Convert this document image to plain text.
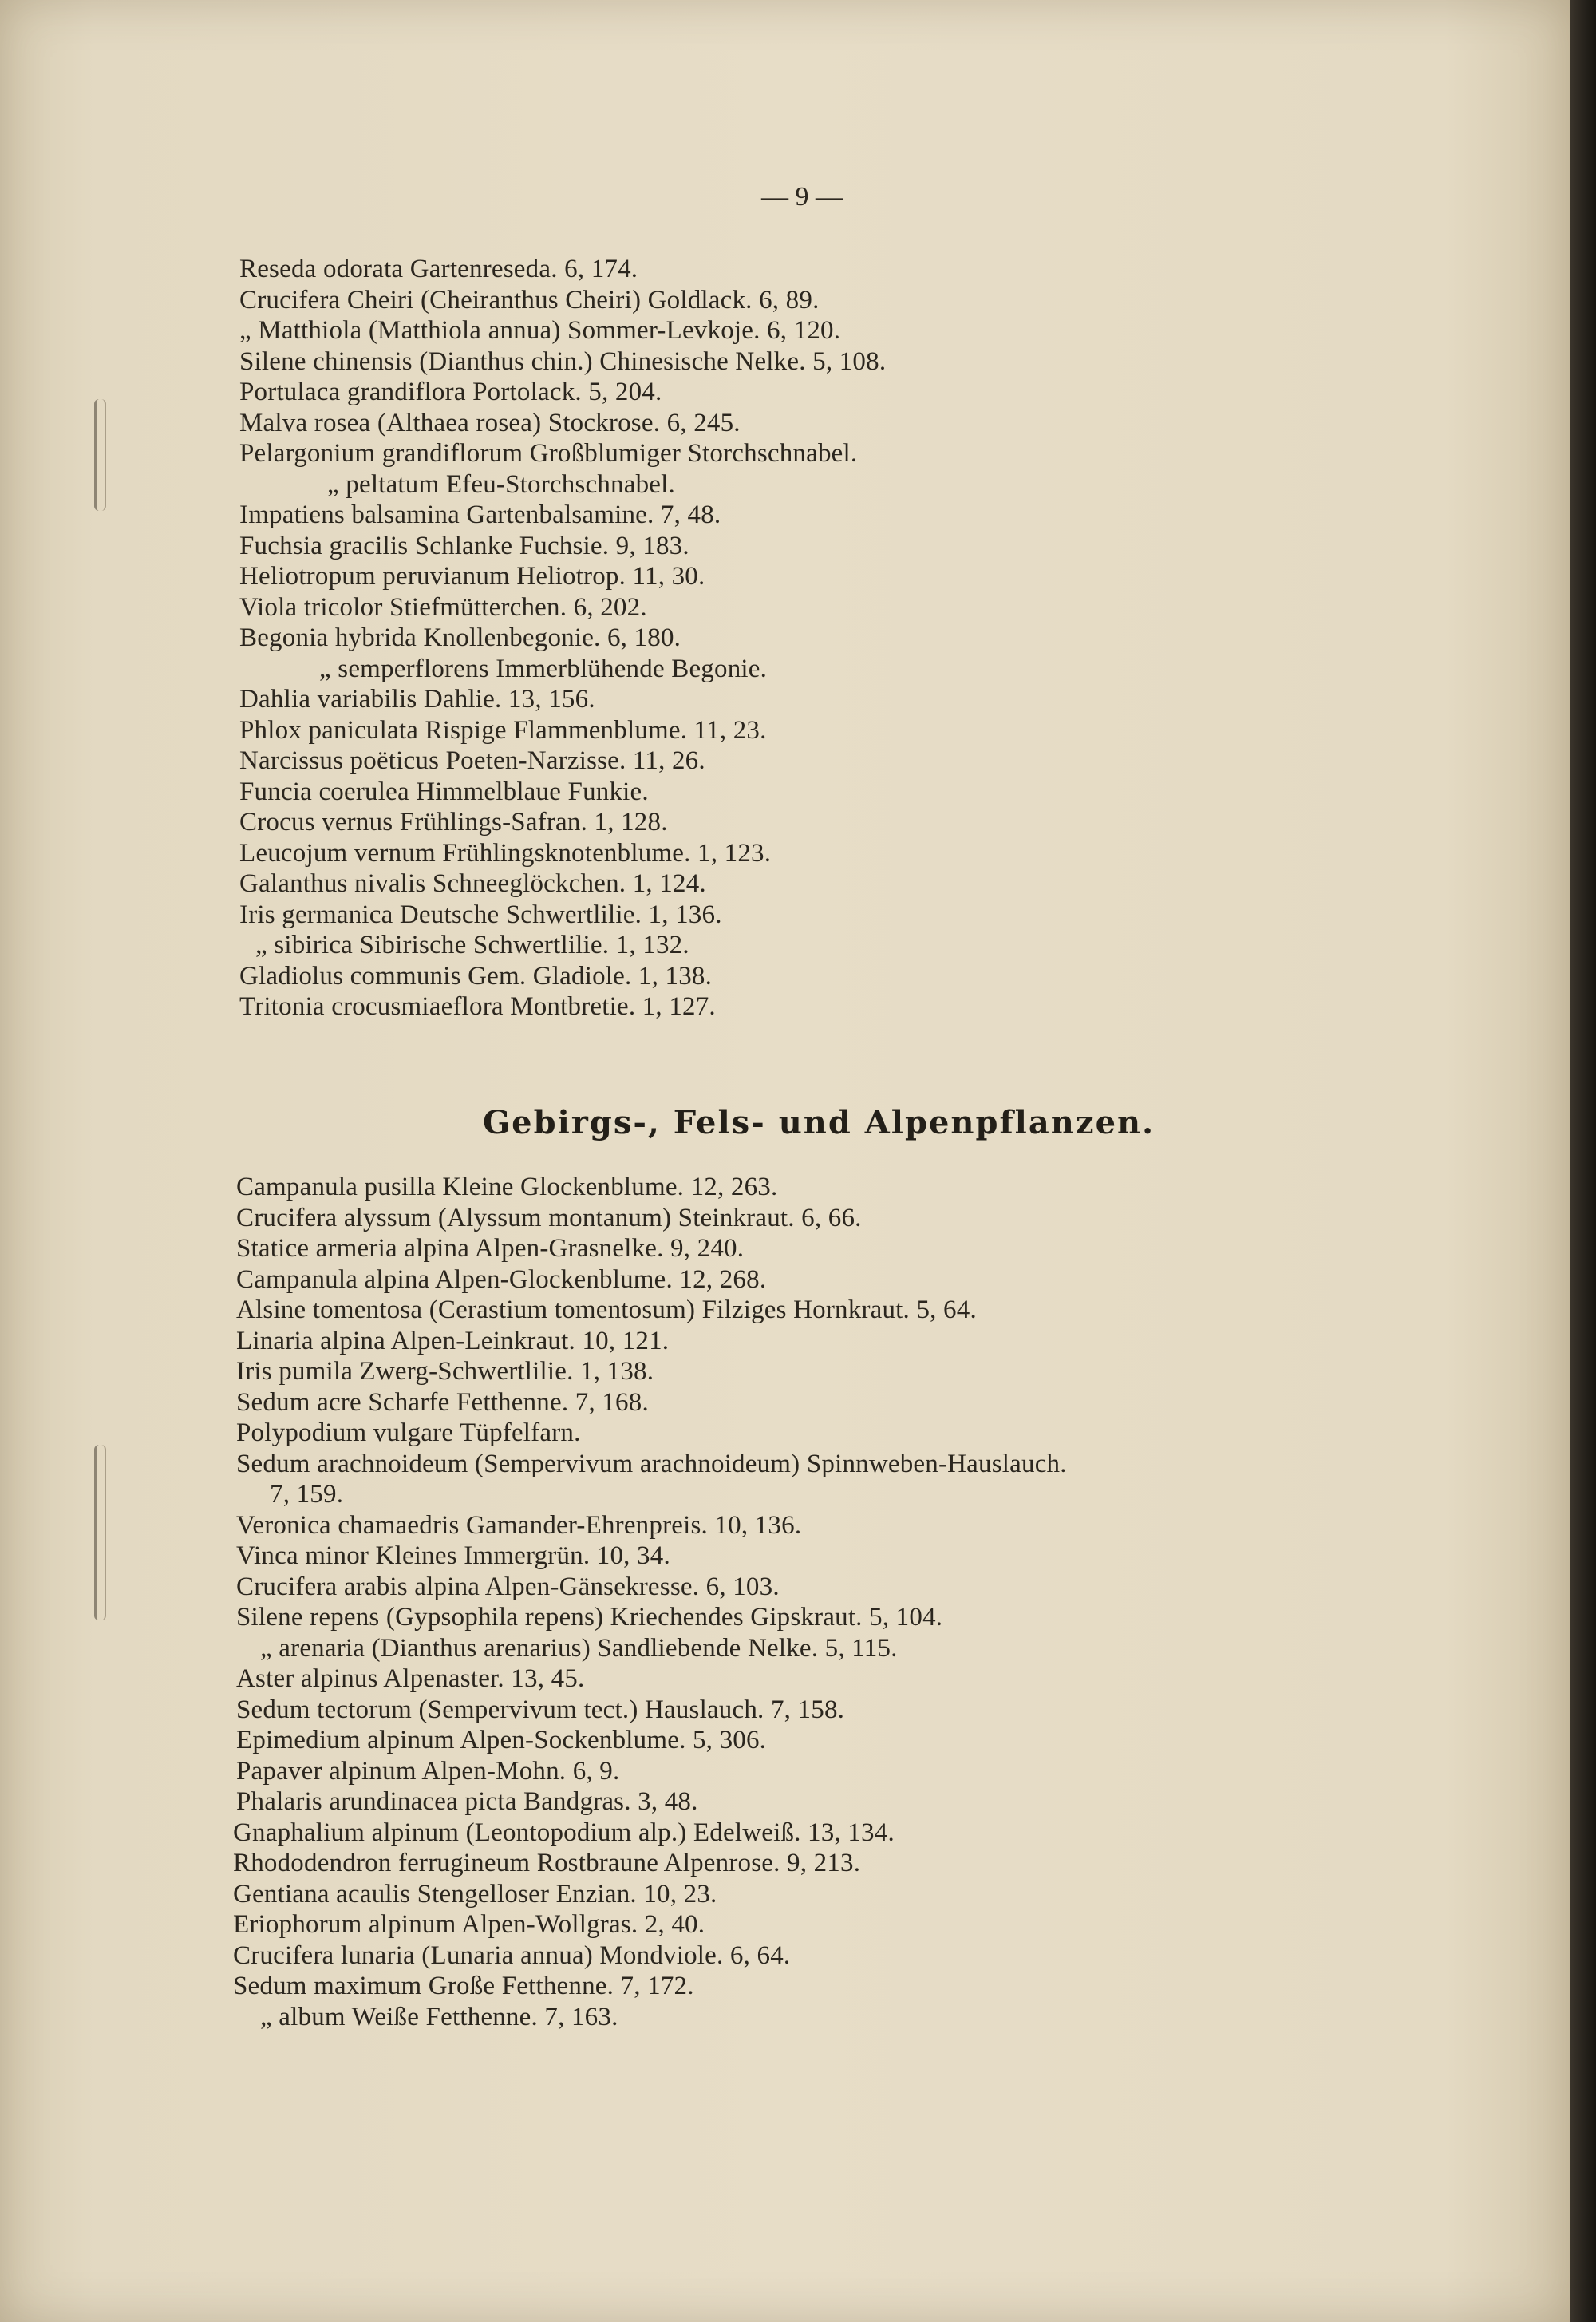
— 9 —
Reseda odorata Gartenreseda. 6, 174.
Crucifera Cheiri (Cheiranthus Cheiri) Goldlack. 6, 89.
„ Matthiola (Matthiola annua) Sommer-Levkoje. 6, 120.
Silene chinensis (Dianthus chin.) Chinesische Nelke. 5, 108.
Portulaca grandiflora Portolack. 5, 204.
Malva rosea (Althaea rosea) Stockrose. 6, 245.
Pelargonium grandiflorum Großblumiger Storchschnabel.
„ peltatum Efeu-Storchschnabel.
Impatiens balsamina Gartenbalsamine. 7, 48.
Fuchsia gracilis Schlanke Fuchsie. 9, 183.
Heliotropum peruvianum Heliotrop. 11, 30.
Viola tricolor Stiefmütterchen. 6, 202.
Begonia hybrida Knollenbegonie. 6, 180.
„ semperflorens Immerblühende Begonie.
Dahlia variabilis Dahlie. 13, 156.
Phlox paniculata Rispige Flammenblume. 11, 23.
Narcissus poëticus Poeten-Narzisse. 11, 26.
Funcia coerulea Himmelblaue Funkie.
Crocus vernus Frühlings-Safran. 1, 128.
Leucojum vernum Frühlingsknotenblume. 1, 123.
Galanthus nivalis Schneeglöckchen. 1, 124.
Iris germanica Deutsche Schwertlilie. 1, 136.
„ sibirica Sibirische Schwertlilie. 1, 132.
Gladiolus communis Gem. Gladiole. 1, 138.
Tritonia crocusmiaeflora Montbretie. 1, 127.
Gebirgs-, Fels- und Alpenpflanzen.
Campanula pusilla Kleine Glockenblume. 12, 263.
Crucifera alyssum (Alyssum montanum) Steinkraut. 6, 66.
Statice armeria alpina Alpen-Grasnelke. 9, 240.
Campanula alpina Alpen-Glockenblume. 12, 268.
Alsine tomentosa (Cerastium tomentosum) Filziges Hornkraut. 5, 64.
Linaria alpina Alpen-Leinkraut. 10, 121.
Iris pumila Zwerg-Schwertlilie. 1, 138.
Sedum acre Scharfe Fetthenne. 7, 168.
Polypodium vulgare Tüpfelfarn.
Sedum arachnoideum (Sempervivum arachnoideum) Spinnweben-Hauslauch.
7, 159.
Veronica chamaedris Gamander-Ehrenpreis. 10, 136.
Vinca minor Kleines Immergrün. 10, 34.
Crucifera arabis alpina Alpen-Gänsekresse. 6, 103.
Silene repens (Gypsophila repens) Kriechendes Gipskraut. 5, 104.
„ arenaria (Dianthus arenarius) Sandliebende Nelke. 5, 115.
Aster alpinus Alpenaster. 13, 45.
Sedum tectorum (Sempervivum tect.) Hauslauch. 7, 158.
Epimedium alpinum Alpen-Sockenblume. 5, 306.
Papaver alpinum Alpen-Mohn. 6, 9.
Phalaris arundinacea picta Bandgras. 3, 48.
Gnaphalium alpinum (Leontopodium alp.) Edelweiß. 13, 134.
Rhododendron ferrugineum Rostbraune Alpenrose. 9, 213.
Gentiana acaulis Stengelloser Enzian. 10, 23.
Eriophorum alpinum Alpen-Wollgras. 2, 40.
Crucifera lunaria (Lunaria annua) Mondviole. 6, 64.
Sedum maximum Große Fetthenne. 7, 172.
„ album Weiße Fetthenne. 7, 163.
